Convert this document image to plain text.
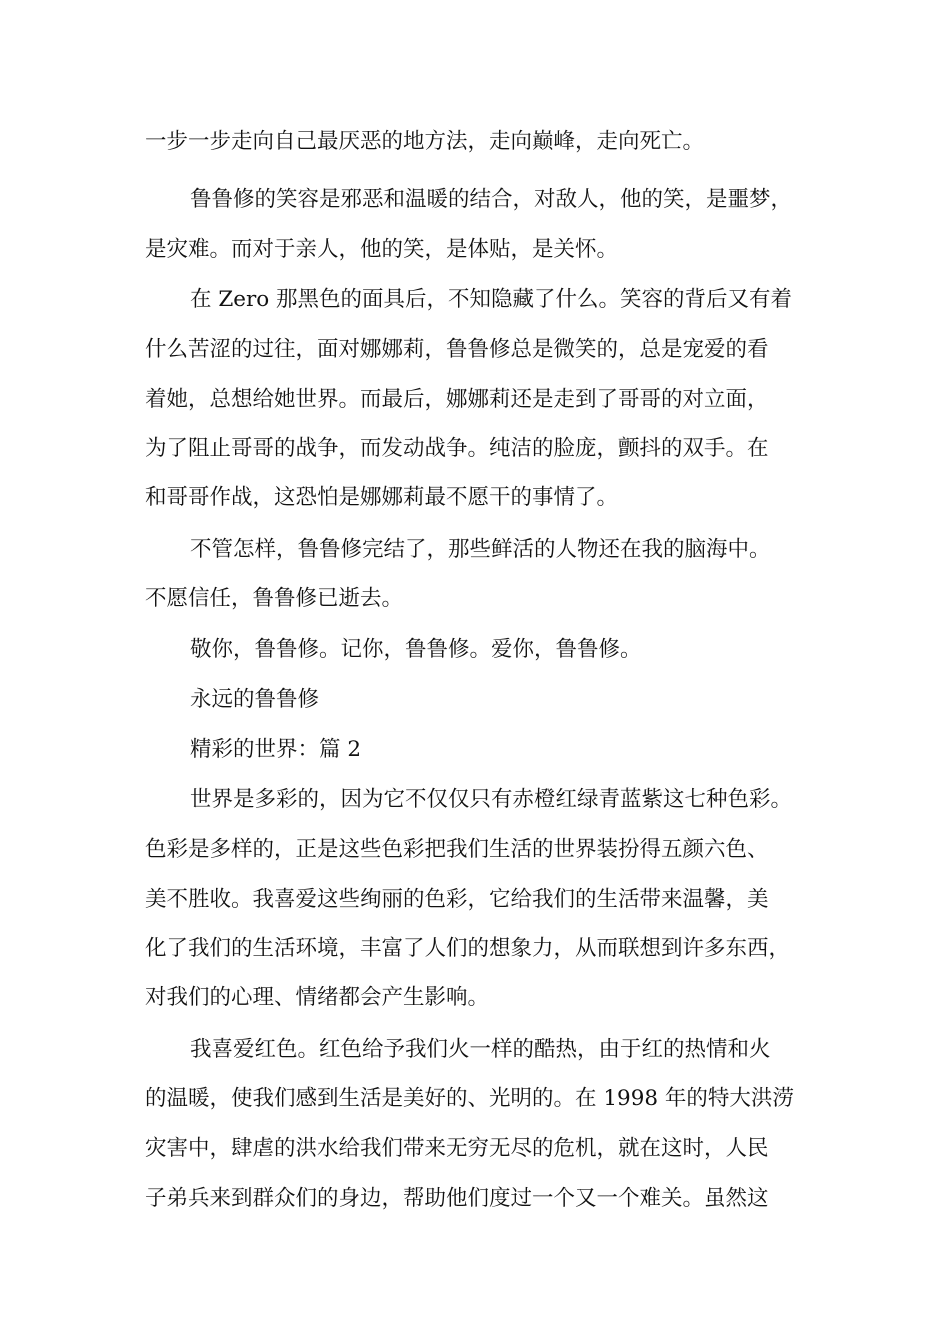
一步一步走向自己最厌恶的地方法，走向巅峰，走向死亡。
鲁鲁修的笑容是邪恶和温暖的结合，对敌人，他的笑，是噩梦，
是灾难。而对于亲人，他的笑，是体贴，是关怀。
在 Zero 那黑色的面具后，不知隐藏了什么。笑容的背后又有着
什么苦涩的过往，面对娜娜莉，鲁鲁修总是微笑的，总是宠爱的看
着她，总想给她世界。而最后，娜娜莉还是走到了哥哥的对立面，
为了阻止哥哥的战争，而发动战争。纯洁的脸庞，颤抖的双手。在
和哥哥作战，这恐怕是娜娜莉最不愿干的事情了。
不管怎样，鲁鲁修完结了，那些鲜活的人物还在我的脑海中。
不愿信任，鲁鲁修已逝去。
敬你，鲁鲁修。记你，鲁鲁修。爱你，鲁鲁修。
永远的鲁鲁修
精彩的世界：篇 2
世界是多彩的，因为它不仅仅只有赤橙红绿青蓝紫这七种色彩。
色彩是多样的，正是这些色彩把我们生活的世界装扮得五颜六色、
美不胜收。我喜爱这些绚丽的色彩，它给我们的生活带来温馨，美
化了我们的生活环境，丰富了人们的想象力，从而联想到许多东西，
对我们的心理、情绪都会产生影响。
我喜爱红色。红色给予我们火一样的酷热，由于红的热情和火
的温暖，使我们感到生活是美好的、光明的。在 1998 年的特大洪涝
灾害中，肆虐的洪水给我们带来无穷无尽的危机，就在这时，人民
子弟兵来到群众们的身边，帮助他们度过一个又一个难关。虽然这
